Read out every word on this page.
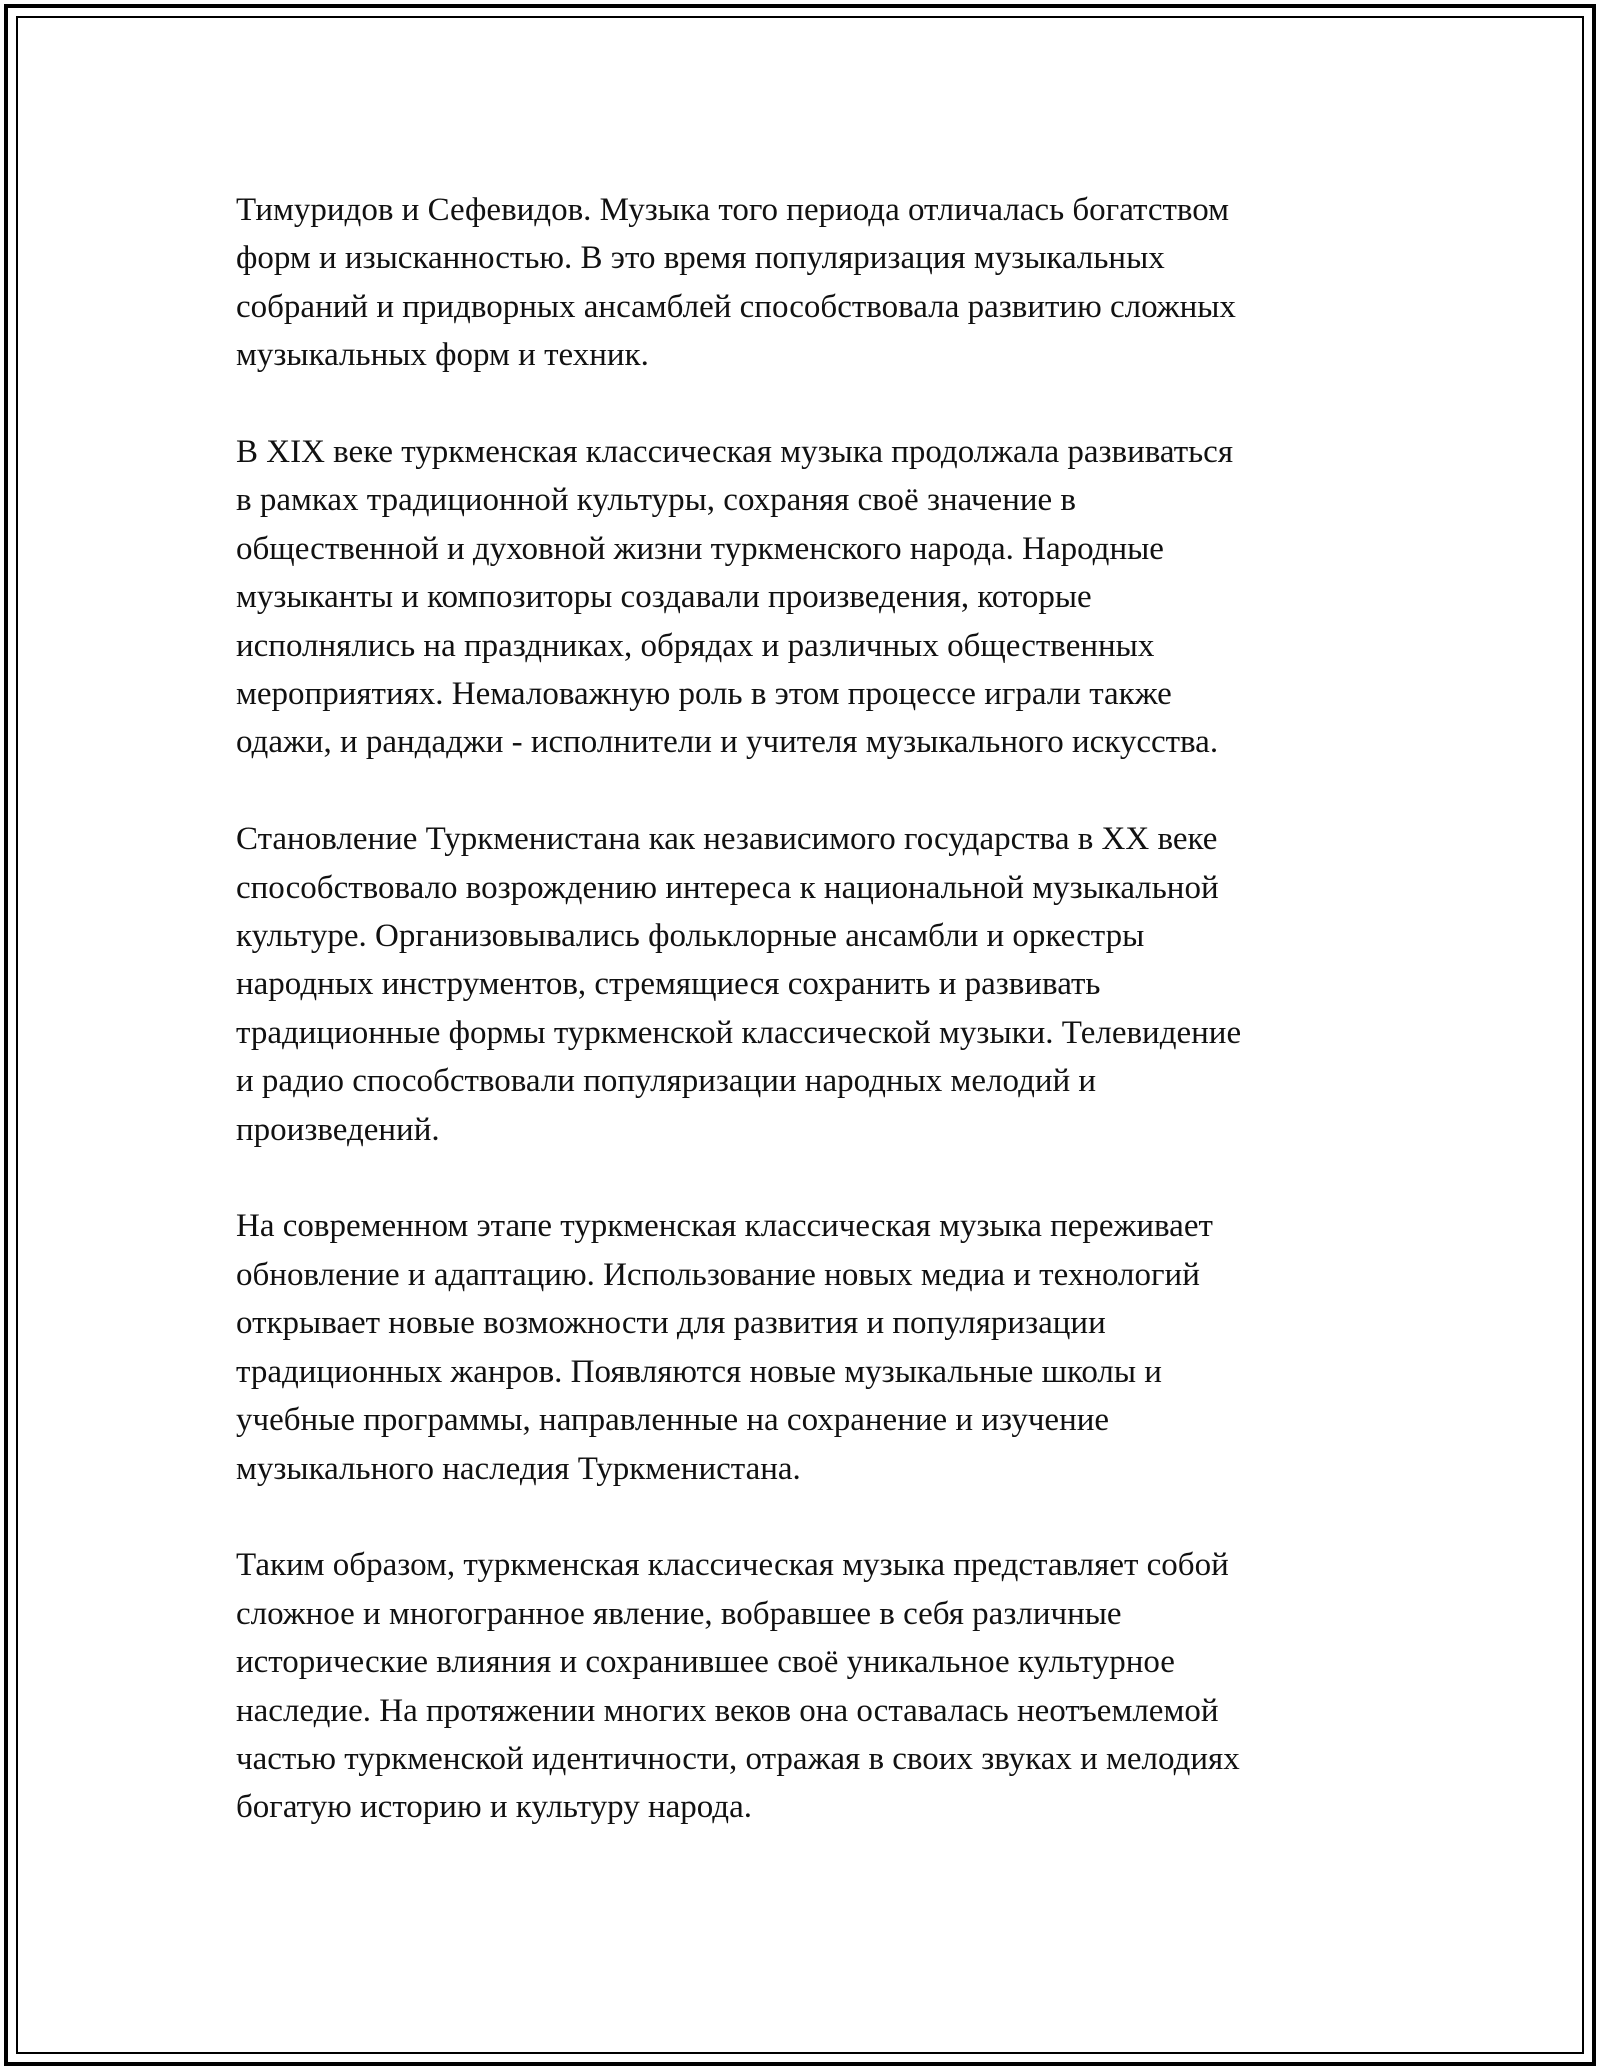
Тимуридов и Сефевидов. Музыка того периода отличалась богатством
форм и изысканностью. В это время популяризация музыкальных
собраний и придворных ансамблей способствовала развитию сложных
музыкальных форм и техник.
В XIX веке туркменская классическая музыка продолжала развиваться
в рамках традиционной культуры, сохраняя своё значение в
общественной и духовной жизни туркменского народа. Народные
музыканты и композиторы создавали произведения, которые
исполнялись на праздниках, обрядах и различных общественных
мероприятиях. Немаловажную роль в этом процессе играли также
одажи, и рандаджи - исполнители и учителя музыкального искусства.
Становление Туркменистана как независимого государства в XX веке
способствовало возрождению интереса к национальной музыкальной
культуре. Организовывались фольклорные ансамбли и оркестры
народных инструментов, стремящиеся сохранить и развивать
традиционные формы туркменской классической музыки. Телевидение
и радио способствовали популяризации народных мелодий и
произведений.
На современном этапе туркменская классическая музыка переживает
обновление и адаптацию. Использование новых медиа и технологий
открывает новые возможности для развития и популяризации
традиционных жанров. Появляются новые музыкальные школы и
учебные программы, направленные на сохранение и изучение
музыкального наследия Туркменистана.
Таким образом, туркменская классическая музыка представляет собой
сложное и многогранное явление, вобравшее в себя различные
исторические влияния и сохранившее своё уникальное культурное
наследие. На протяжении многих веков она оставалась неотъемлемой
частью туркменской идентичности, отражая в своих звуках и мелодиях
богатую историю и культуру народа.
